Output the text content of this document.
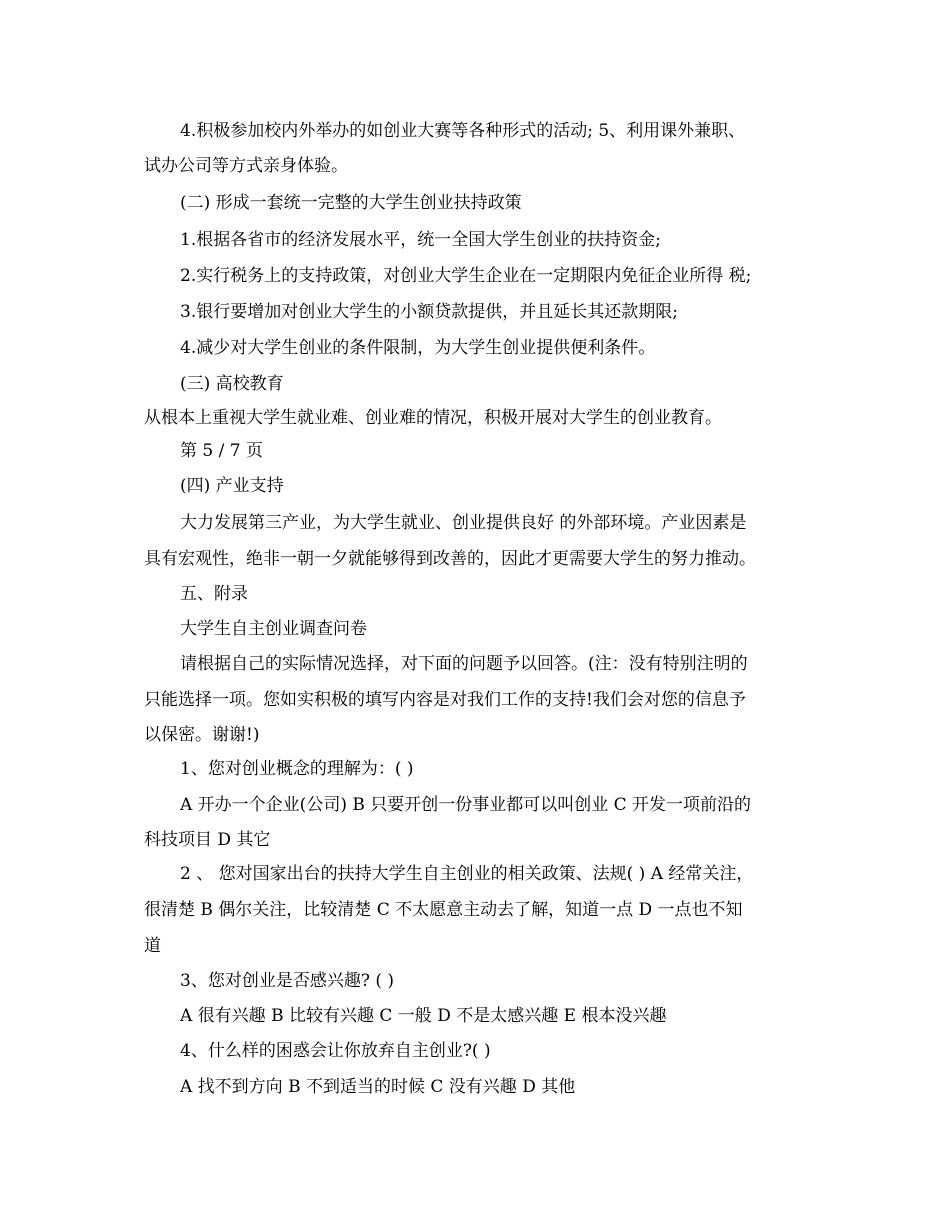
4.积极参加校内外举办的如创业大赛等各种形式的活动; 5、利用课外兼职、
试办公司等方式亲身体验。
(二) 形成一套统一完整的大学生创业扶持政策
1.根据各省市的经济发展水平，统一全国大学生创业的扶持资金;
2.实行税务上的支持政策，对创业大学生企业在一定期限内免征企业所得 税;
3.银行要增加对创业大学生的小额贷款提供，并且延长其还款期限;
4.减少对大学生创业的条件限制，为大学生创业提供便利条件。
(三) 高校教育
从根本上重视大学生就业难、创业难的情况，积极开展对大学生的创业教育。
第 5 / 7 页
(四) 产业支持
大力发展第三产业，为大学生就业、创业提供良好 的外部环境。产业因素是
具有宏观性，绝非一朝一夕就能够得到改善的，因此才更需要大学生的努力推动。
五、附录
大学生自主创业调查问卷
请根据自己的实际情况选择，对下面的问题予以回答。(注：没有特别注明的
只能选择一项。您如实积极的填写内容是对我们工作的支持!我们会对您的信息予
以保密。谢谢!)
1、您对创业概念的理解为：( )
A 开办一个企业(公司) B 只要开创一份事业都可以叫创业 C 开发一项前沿的
科技项目 D 其它
2 、 您对国家出台的扶持大学生自主创业的相关政策、法规( ) A 经常关注，
很清楚 B 偶尔关注，比较清楚 C 不太愿意主动去了解，知道一点 D 一点也不知
道
3、您对创业是否感兴趣? ( )
A 很有兴趣 B 比较有兴趣 C 一般 D 不是太感兴趣 E 根本没兴趣
4、什么样的困惑会让你放弃自主创业?( )
A 找不到方向 B 不到适当的时候 C 没有兴趣 D 其他
